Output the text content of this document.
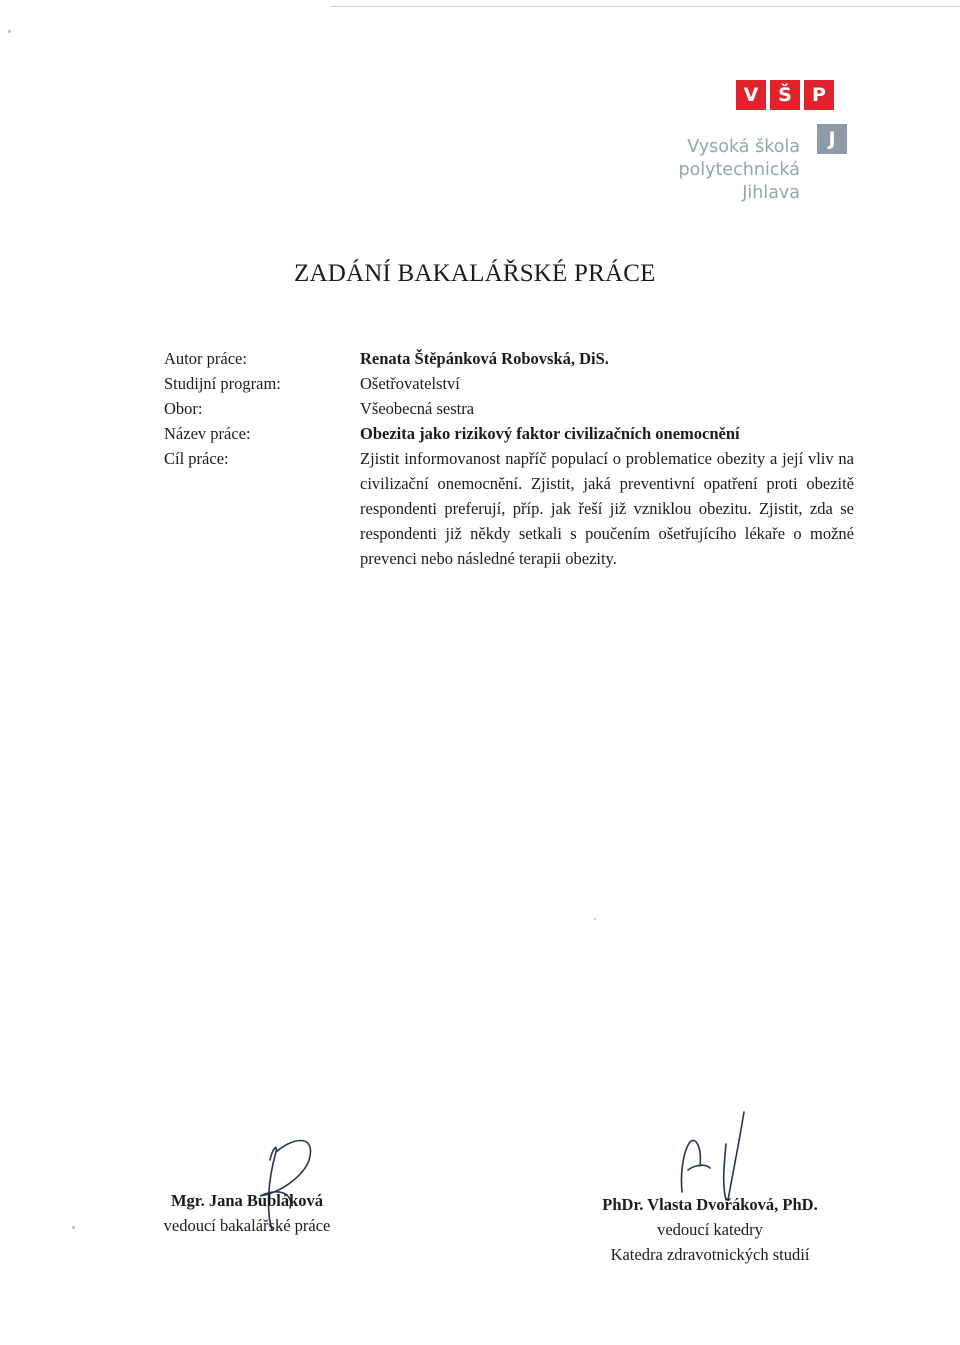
V	Š	P
J
Vysoká škola
polytechnická
Jihlava
ZADÁNÍ BAKALÁŘSKÉ PRÁCE
Autor práce:	Renata Štěpánková Robovská, DiS.
Studijní program:	Ošetřovatelství
Obor:	Všeobecná sestra
Název práce:	Obezita jako rizikový faktor civilizačních onemocnění
Cíl práce:	Zjistit informovanost napříč populací o problematice obezity a její vliv na civilizační onemocnění. Zjistit, jaká preventivní opatření proti obezitě respondenti preferují, příp. jak řeší již vzniklou obezitu. Zjistit, zda se respondenti již někdy setkali s poučením ošetřujícího lékaře o možné prevenci nebo následné terapii obezity.
Mgr. Jana Bubláková
vedoucí bakalářské práce
PhDr. Vlasta Dvořáková, PhD.
vedoucí katedry
Katedra zdravotnických studií
